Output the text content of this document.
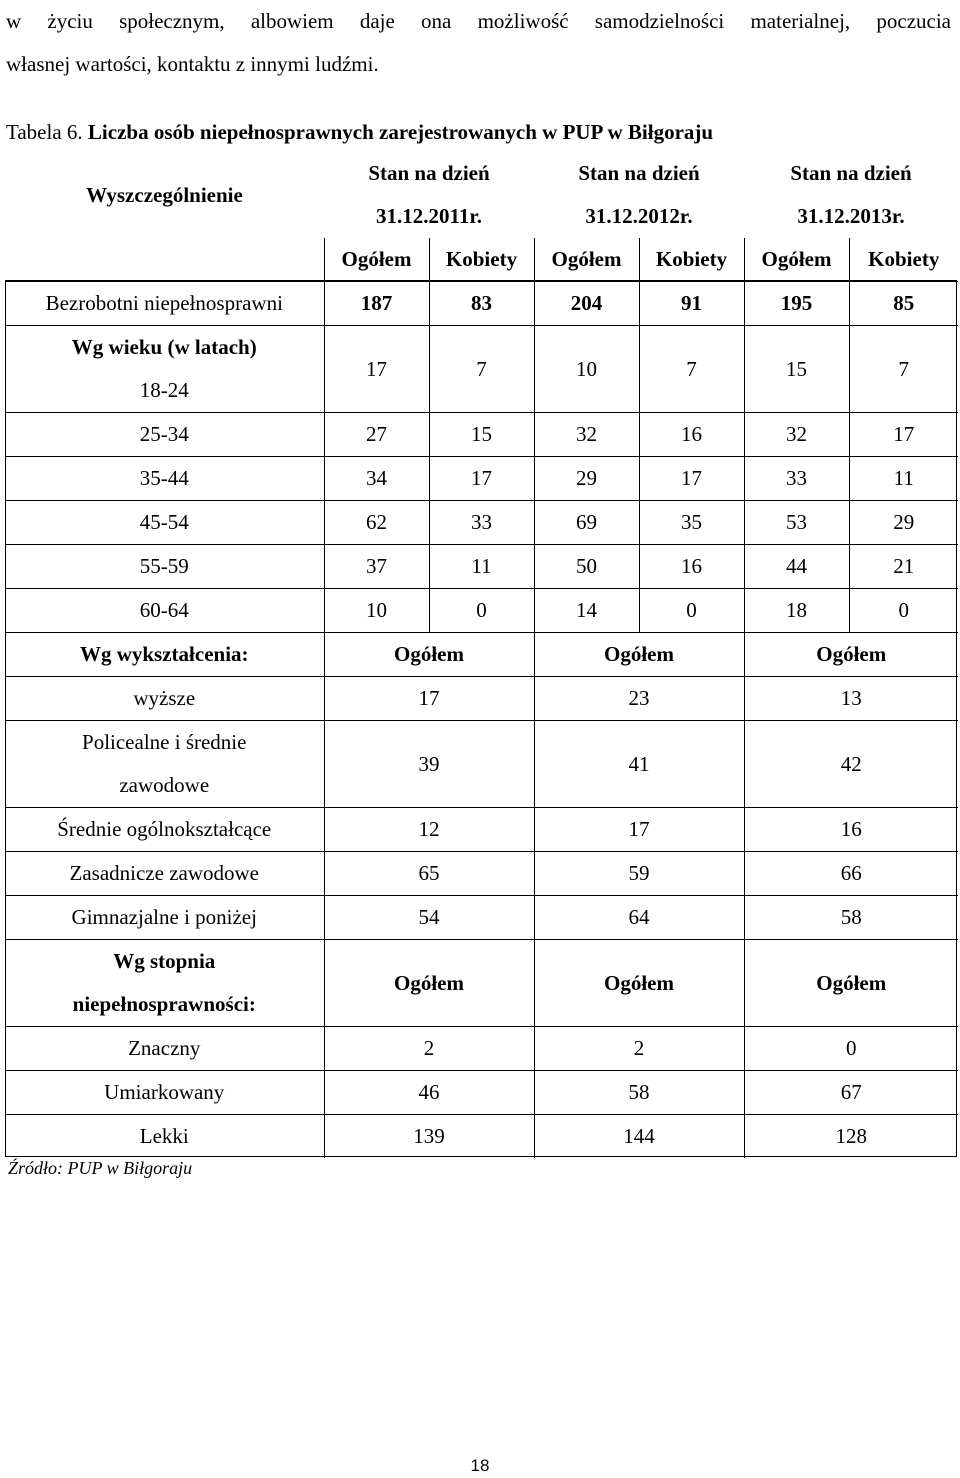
w życiu społecznym, albowiem daje ona możliwość samodzielności materialnej, poczucia
własnej wartości, kontaktu z innymi ludźmi.
Tabela 6. Liczba osób niepełnosprawnych zarejestrowanych w PUP w Biłgoraju
Wyszczególnienie	Stan na dzień		Stan na dzień		Stan na dzień	
	31.12.2011r.		31.12.2012r.		31.12.2013r.	
	Ogółem	Kobiety	Ogółem	Kobiety	Ogółem	Kobiety
Bezrobotni niepełnosprawni	187	83	204	91	195	85

Wg wieku (w latach)
18-24	17	7	10	7	15	7
25-34	27	15	32	16	32	17
35-44	34	17	29	17	33	11
45-54	62	33	69	35	53	29
55-59	37	11	50	16	44	21
60-64	10	0	14	0	18	0
Wg wykształcenia:	Ogółem		Ogółem		Ogółem	
wyższe	17		23		13	

Policealne i średnie
zawodowe	39		41		42	
Średnie ogólnokształcące	12		17		16	
Zasadnicze zawodowe	65		59		66	
Gimnazjalne i poniżej	54		64		58	

Wg stopnia
niepełnosprawności:	Ogółem		Ogółem		Ogółem	
Znaczny	2		2		0	
Umiarkowany	46		58		67	
Lekki	139		144		128	
Źródło: PUP w Biłgoraju
18
